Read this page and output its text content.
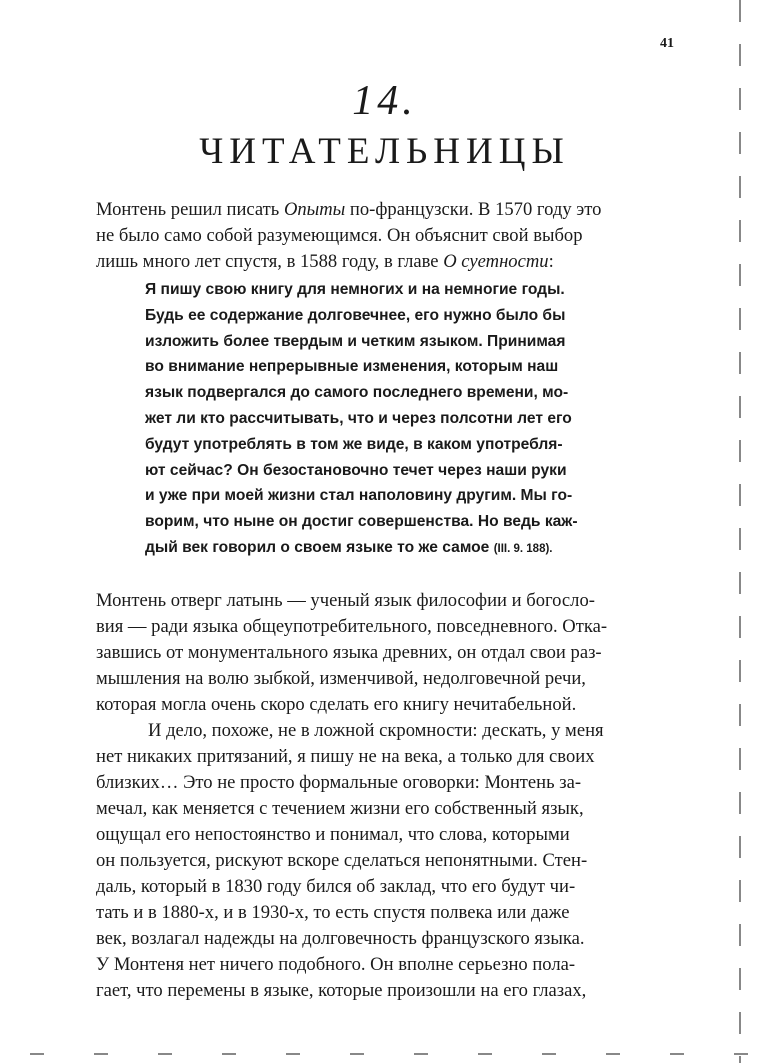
41
14.
ЧИТАТЕЛЬНИЦЫ
Монтень решил писать Опыты по-французски. В 1570 году это
не было само собой разумеющимся. Он объяснит свой выбор
лишь много лет спустя, в 1588 году, в главе О суетности:
Я пишу свою книгу для немногих и на немногие годы.
Будь ее содержание долговечнее, его нужно было бы
изложить более твердым и четким языком. Принимая
во внимание непрерывные изменения, которым наш
язык подвергался до самого последнего времени, мо-
жет ли кто рассчитывать, что и через полсотни лет его
будут употреблять в том же виде, в каком употребля-
ют сейчас? Он безостановочно течет через наши руки
и уже при моей жизни стал наполовину другим. Мы го-
ворим, что ныне он достиг совершенства. Но ведь каж-
дый век говорил о своем языке то же самое (III. 9. 188).
Монтень отверг латынь — ученый язык философии и богосло-
вия — ради языка общеупотребительного, повседневного. Отка-
завшись от монументального языка древних, он отдал свои раз-
мышления на волю зыбкой, изменчивой, недолговечной речи,
которая могла очень скоро сделать его книгу нечитабельной.
И дело, похоже, не в ложной скромности: дескать, у меня
нет никаких притязаний, я пишу не на века, а только для своих
близких… Это не просто формальные оговорки: Монтень за-
мечал, как меняется с течением жизни его собственный язык,
ощущал его непостоянство и понимал, что слова, которыми
он пользуется, рискуют вскоре сделаться непонятными. Стен-
даль, который в 1830 году бился об заклад, что его будут чи-
тать и в 1880-х, и в 1930-х, то есть спустя полвека или даже
век, возлагал надежды на долговечность французского языка.
У Монтеня нет ничего подобного. Он вполне серьезно пола-
гает, что перемены в языке, которые произошли на его глазах,
